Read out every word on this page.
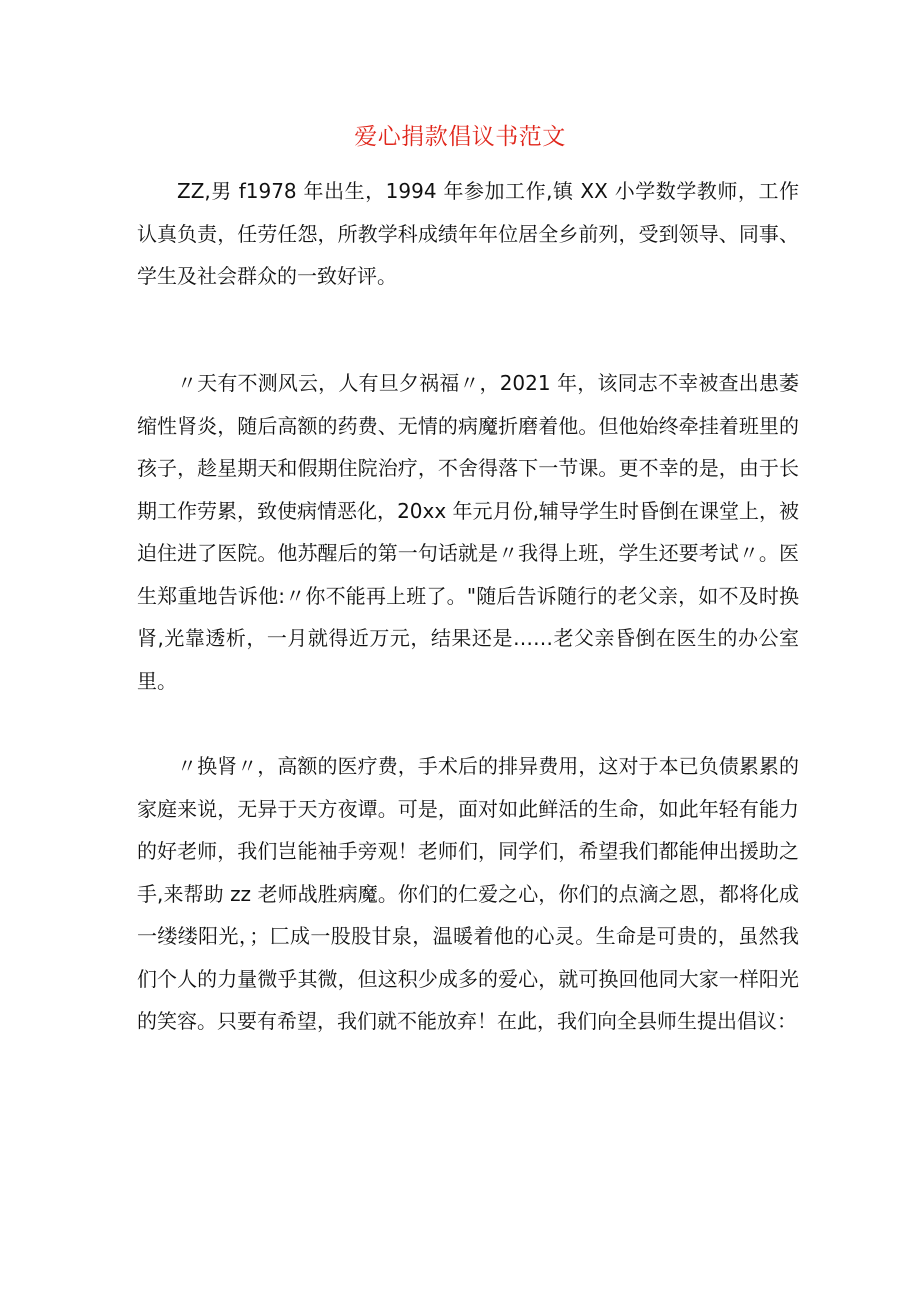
爱心捐款倡议书范文

ZZ,男 f1978 年出生，1994 年参加工作,镇 XX 小学数学教师，工作认真负责，任劳任怨，所教学科成绩年年位居全乡前列，受到领导、同事、学生及社会群众的一致好评。

〃天有不测风云，人有旦夕祸福〃，2021 年，该同志不幸被查出患萎缩性肾炎，随后高额的药费、无情的病魔折磨着他。但他始终牵挂着班里的孩子，趁星期天和假期住院治疗，不舍得落下一节课。更不幸的是，由于长期工作劳累，致使病情恶化，20xx 年元月份,辅导学生时昏倒在课堂上，被迫住进了医院。他苏醒后的第一句话就是〃我得上班，学生还要考试〃。医生郑重地告诉他:〃你不能再上班了。"随后告诉随行的老父亲，如不及时换肾,光靠透析，一月就得近万元，结果还是……老父亲昏倒在医生的办公室里。

〃换肾〃，高额的医疗费，手术后的排异费用，这对于本已负债累累的家庭来说，无异于天方夜谭。可是，面对如此鲜活的生命，如此年轻有能力的好老师，我们岂能袖手旁观！老师们，同学们，希望我们都能伸出援助之手,来帮助 zz 老师战胜病魔。你们的仁爱之心，你们的点滴之恩，都将化成一缕缕阳光，；匚成一股股甘泉，温暖着他的心灵。生命是可贵的，虽然我们个人的力量微乎其微，但这积少成多的爱心，就可换回他同大家一样阳光的笑容。只要有希望，我们就不能放弃！在此，我们向全县师生提出倡议：
